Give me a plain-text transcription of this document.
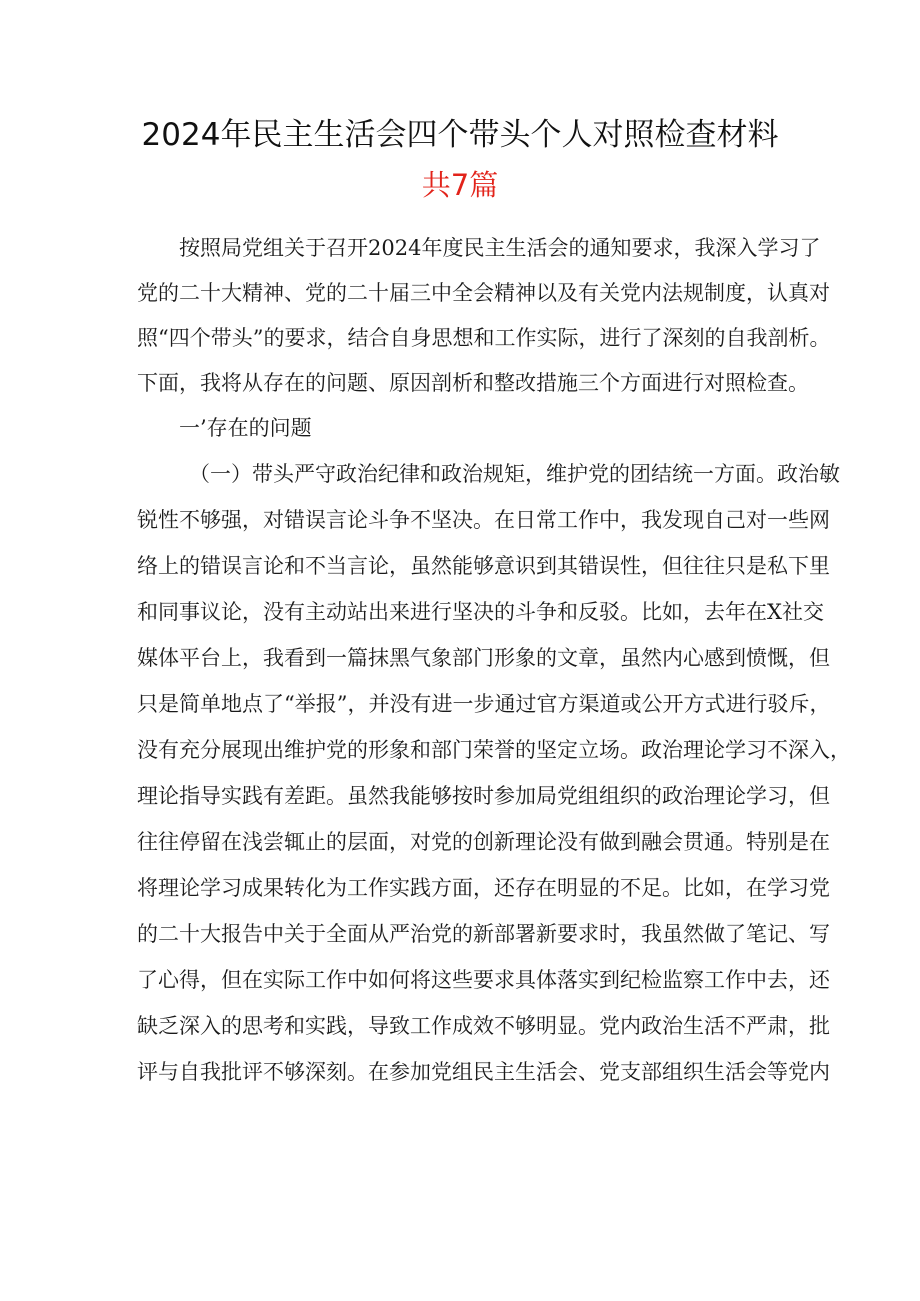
2024年民主生活会四个带头个人对照检查材料
共7篇
按照局党组关于召开2024年度民主生活会的通知要求，我深入学习了
党的二十大精神、党的二十届三中全会精神以及有关党内法规制度，认真对
照“四个带头”的要求，结合自身思想和工作实际，进行了深刻的自我剖析。
下面，我将从存在的问题、原因剖析和整改措施三个方面进行对照检查。
一’存在的问题
（一）带头严守政治纪律和政治规矩，维护党的团结统一方面。政治敏
锐性不够强，对错误言论斗争不坚决。在日常工作中，我发现自己对一些网
络上的错误言论和不当言论，虽然能够意识到其错误性，但往往只是私下里
和同事议论，没有主动站出来进行坚决的斗争和反驳。比如，去年在X社交
媒体平台上，我看到一篇抹黑气象部门形象的文章，虽然内心感到愤慨，但
只是简单地点了“举报”，并没有进一步通过官方渠道或公开方式进行驳斥，
没有充分展现出维护党的形象和部门荣誉的坚定立场。政治理论学习不深入，
理论指导实践有差距。虽然我能够按时参加局党组组织的政治理论学习，但
往往停留在浅尝辄止的层面，对党的创新理论没有做到融会贯通。特别是在
将理论学习成果转化为工作实践方面，还存在明显的不足。比如，在学习党
的二十大报告中关于全面从严治党的新部署新要求时，我虽然做了笔记、写
了心得，但在实际工作中如何将这些要求具体落实到纪检监察工作中去，还
缺乏深入的思考和实践，导致工作成效不够明显。党内政治生活不严肃，批
评与自我批评不够深刻。在参加党组民主生活会、党支部组织生活会等党内
